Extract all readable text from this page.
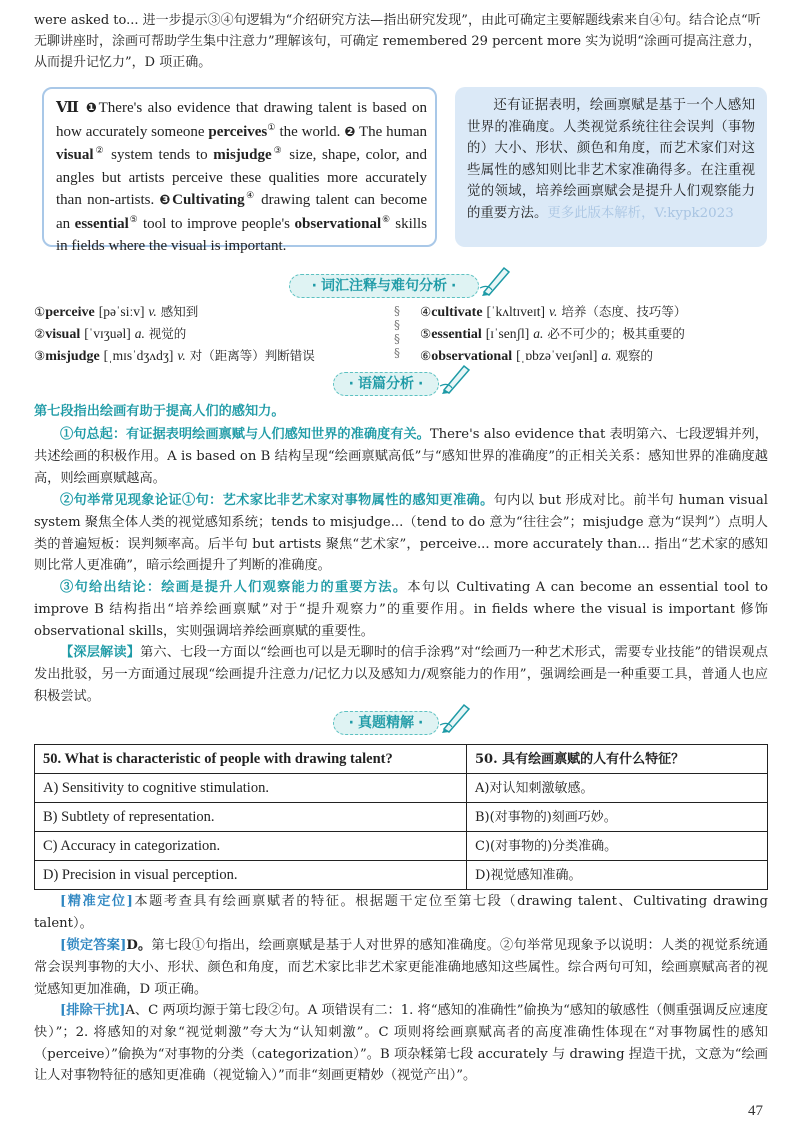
were asked to... 进一步提示③④句逻辑为“介绍研究方法—指出研究发现”，由此可确定主要解题线索来自④句。结合论点“听无聊讲座时，涂画可帮助学生集中注意力”理解该句，可确定 remembered 29 percent more 实为说明“涂画可提高注意力，从而提升记忆力”，D 项正确。

Ⅶ ❶There's also evidence that drawing talent is based on how accurately someone perceives① the world. ❷ The human visual② system tends to misjudge③ size, shape, color, and angles but artists perceive these qualities more accurately than non-artists. ❸Cultivating④ drawing talent can become an essential⑤ tool to improve people's observational⑥ skills in fields where the visual is important.
还有证据表明，绘画禀赋是基于一个人感知世界的准确度。人类视觉系统往往会误判（事物的）大小、形状、颜色和角度，而艺术家们对这些属性的感知则比非艺术家准确得多。在注重视觉的领域，培养绘画禀赋会是提升人们观察能力的重要方法。更多此版本解析，V:kypk2023
· 词汇注释与难句分析 ·
①perceive [pəˈsiːv] v. 感知到
②visual [ˈvɪʒuəl] a. 视觉的
③misjudge [ˌmɪsˈdʒʌdʒ] v. 对（距离等）判断错误
§
§
§
§
④cultivate [ˈkʌltɪveɪt] v. 培养（态度、技巧等）
⑤essential [ɪˈsenʃl] a. 必不可少的；极其重要的
⑥observational [ˌɒbzəˈveɪʃənl] a. 观察的
· 语篇分析 ·

第七段指出绘画有助于提高人们的感知力。

①句总起：有证据表明绘画禀赋与人们感知世界的准确度有关。There's also evidence that 表明第六、七段逻辑并列，共述绘画的积极作用。A is based on B 结构呈现“绘画禀赋高低”与“感知世界的准确度”的正相关关系：感知世界的准确度越高，则绘画禀赋越高。

②句举常见现象论证①句：艺术家比非艺术家对事物属性的感知更准确。句内以 but 形成对比。前半句 human visual system 聚焦全体人类的视觉感知系统；tends to misjudge...（tend to do 意为“往往会”；misjudge 意为“误判”）点明人类的普遍短板：误判频率高。后半句 but artists 聚焦“艺术家”，perceive... more accurately than... 指出“艺术家的感知则比常人更准确”，暗示绘画提升了判断的准确度。

③句给出结论：绘画是提升人们观察能力的重要方法。本句以 Cultivating A can become an essential tool to improve B 结构指出“培养绘画禀赋”对于“提升观察力”的重要作用。in fields where the visual is important 修饰 observational skills，实则强调培养绘画禀赋的重要性。

【深层解读】第六、七段一方面以“绘画也可以是无聊时的信手涂鸦”对“绘画乃一种艺术形式，需要专业技能”的错误观点发出批驳，另一方面通过展现“绘画提升注意力/记忆力以及感知力/观察能力的作用”，强调绘画是一种重要工具，普通人也应积极尝试。

· 真题精解 ·
50. What is characteristic of people with drawing talent?	50. 具有绘画禀赋的人有什么特征？
A) Sensitivity to cognitive stimulation.	A)对认知刺激敏感。
B) Subtlety of representation.	B)(对事物的)刻画巧妙。
C) Accuracy in categorization.	C)(对事物的)分类准确。
D) Precision in visual perception.	D)视觉感知准确。

[精准定位]本题考查具有绘画禀赋者的特征。根据题干定位至第七段（drawing talent、Cultivating drawing talent）。

[锁定答案]D。第七段①句指出，绘画禀赋是基于人对世界的感知准确度。②句举常见现象予以说明：人类的视觉系统通常会误判事物的大小、形状、颜色和角度，而艺术家比非艺术家更能准确地感知这些属性。综合两句可知，绘画禀赋高者的视觉感知更加准确，D 项正确。

[排除干扰]A、C 两项均源于第七段②句。A 项错误有二：1. 将“感知的准确性”偷换为“感知的敏感性（侧重强调反应速度快）”；2. 将感知的对象“视觉刺激”夸大为“认知刺激”。C 项则将绘画禀赋高者的高度准确性体现在“对事物属性的感知（perceive）”偷换为“对事物的分类（categorization）”。B 项杂糅第七段 accurately 与 drawing 捏造干扰，文意为“绘画让人对事物特征的感知更准确（视觉输入）”而非“刻画更精妙（视觉产出）”。

47
